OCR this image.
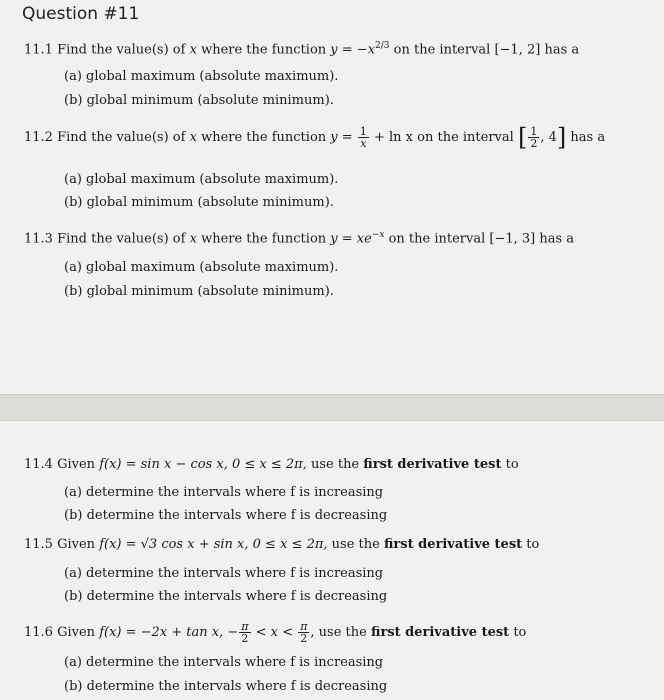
Question #11
11.1 Find the value(s) of x where the function $y = -x^{2/3}$ on the interval [−1, 2] has a
(a) global maximum (absolute maximum).
(b) global minimum (absolute minimum).
11.2 Find the value(s) of x where the function $y = \frac{1}{x} + \ln x$ on the interval [ $\frac{1}{2}$ , 4] has a
(a) global maximum (absolute maximum).
(b) global minimum (absolute minimum).
11.3 Find the value(s) of x where the function $y = xe^{-x}$ on the interval [−1, 3] has a
(a) global maximum (absolute maximum).
(b) global minimum (absolute minimum).
11.4 Given f(x) = sin x − cos x, 0 ≤ x ≤ 2π, use the first derivative test to
(a) determine the intervals where f is increasing
(b) determine the intervals where f is decreasing
11.5 Given f(x) = √3 cos x + sin x, 0 ≤ x ≤ 2π, use the first derivative test to
(a) determine the intervals where f is increasing
(b) determine the intervals where f is decreasing
11.6 Given f(x) = −2x + tan x, − $\frac{\pi}{2} < x < \frac{\pi}{2}$ , use the first derivative test to
(a) determine the intervals where f is increasing
(b) determine the intervals where f is decreasing
